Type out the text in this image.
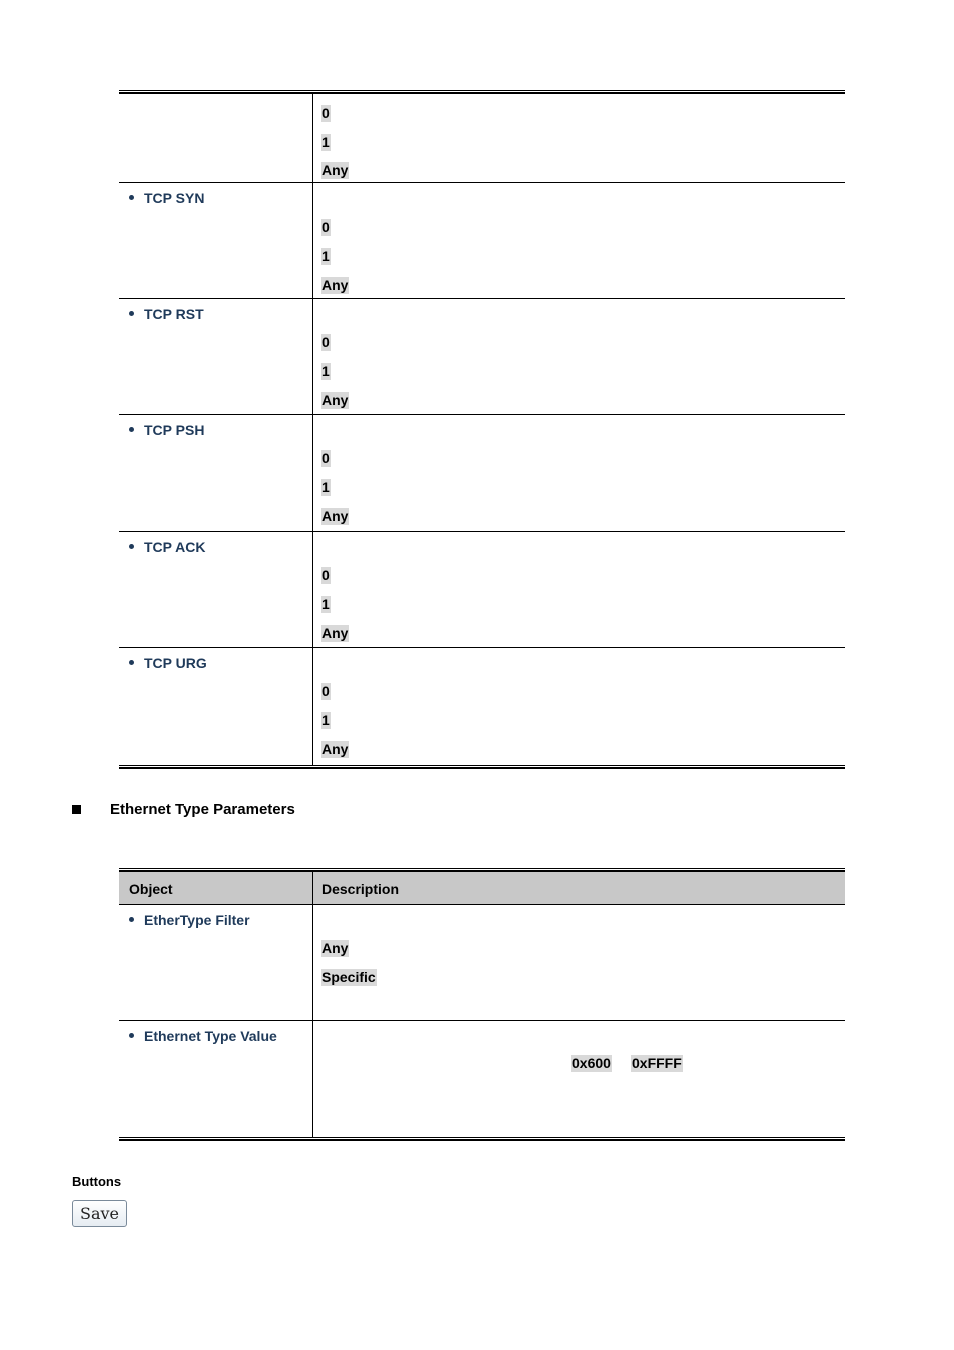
0
1
Any
TCP SYN
0
1
Any
TCP RST
0
1
Any
TCP PSH
0
1
Any
TCP ACK
0
1
Any
TCP URG
0
1
Any
Ethernet Type Parameters
Object	Description
EtherType Filter
Any
Specific
Ethernet Type Value
0x600 0xFFFF
Buttons
Save
